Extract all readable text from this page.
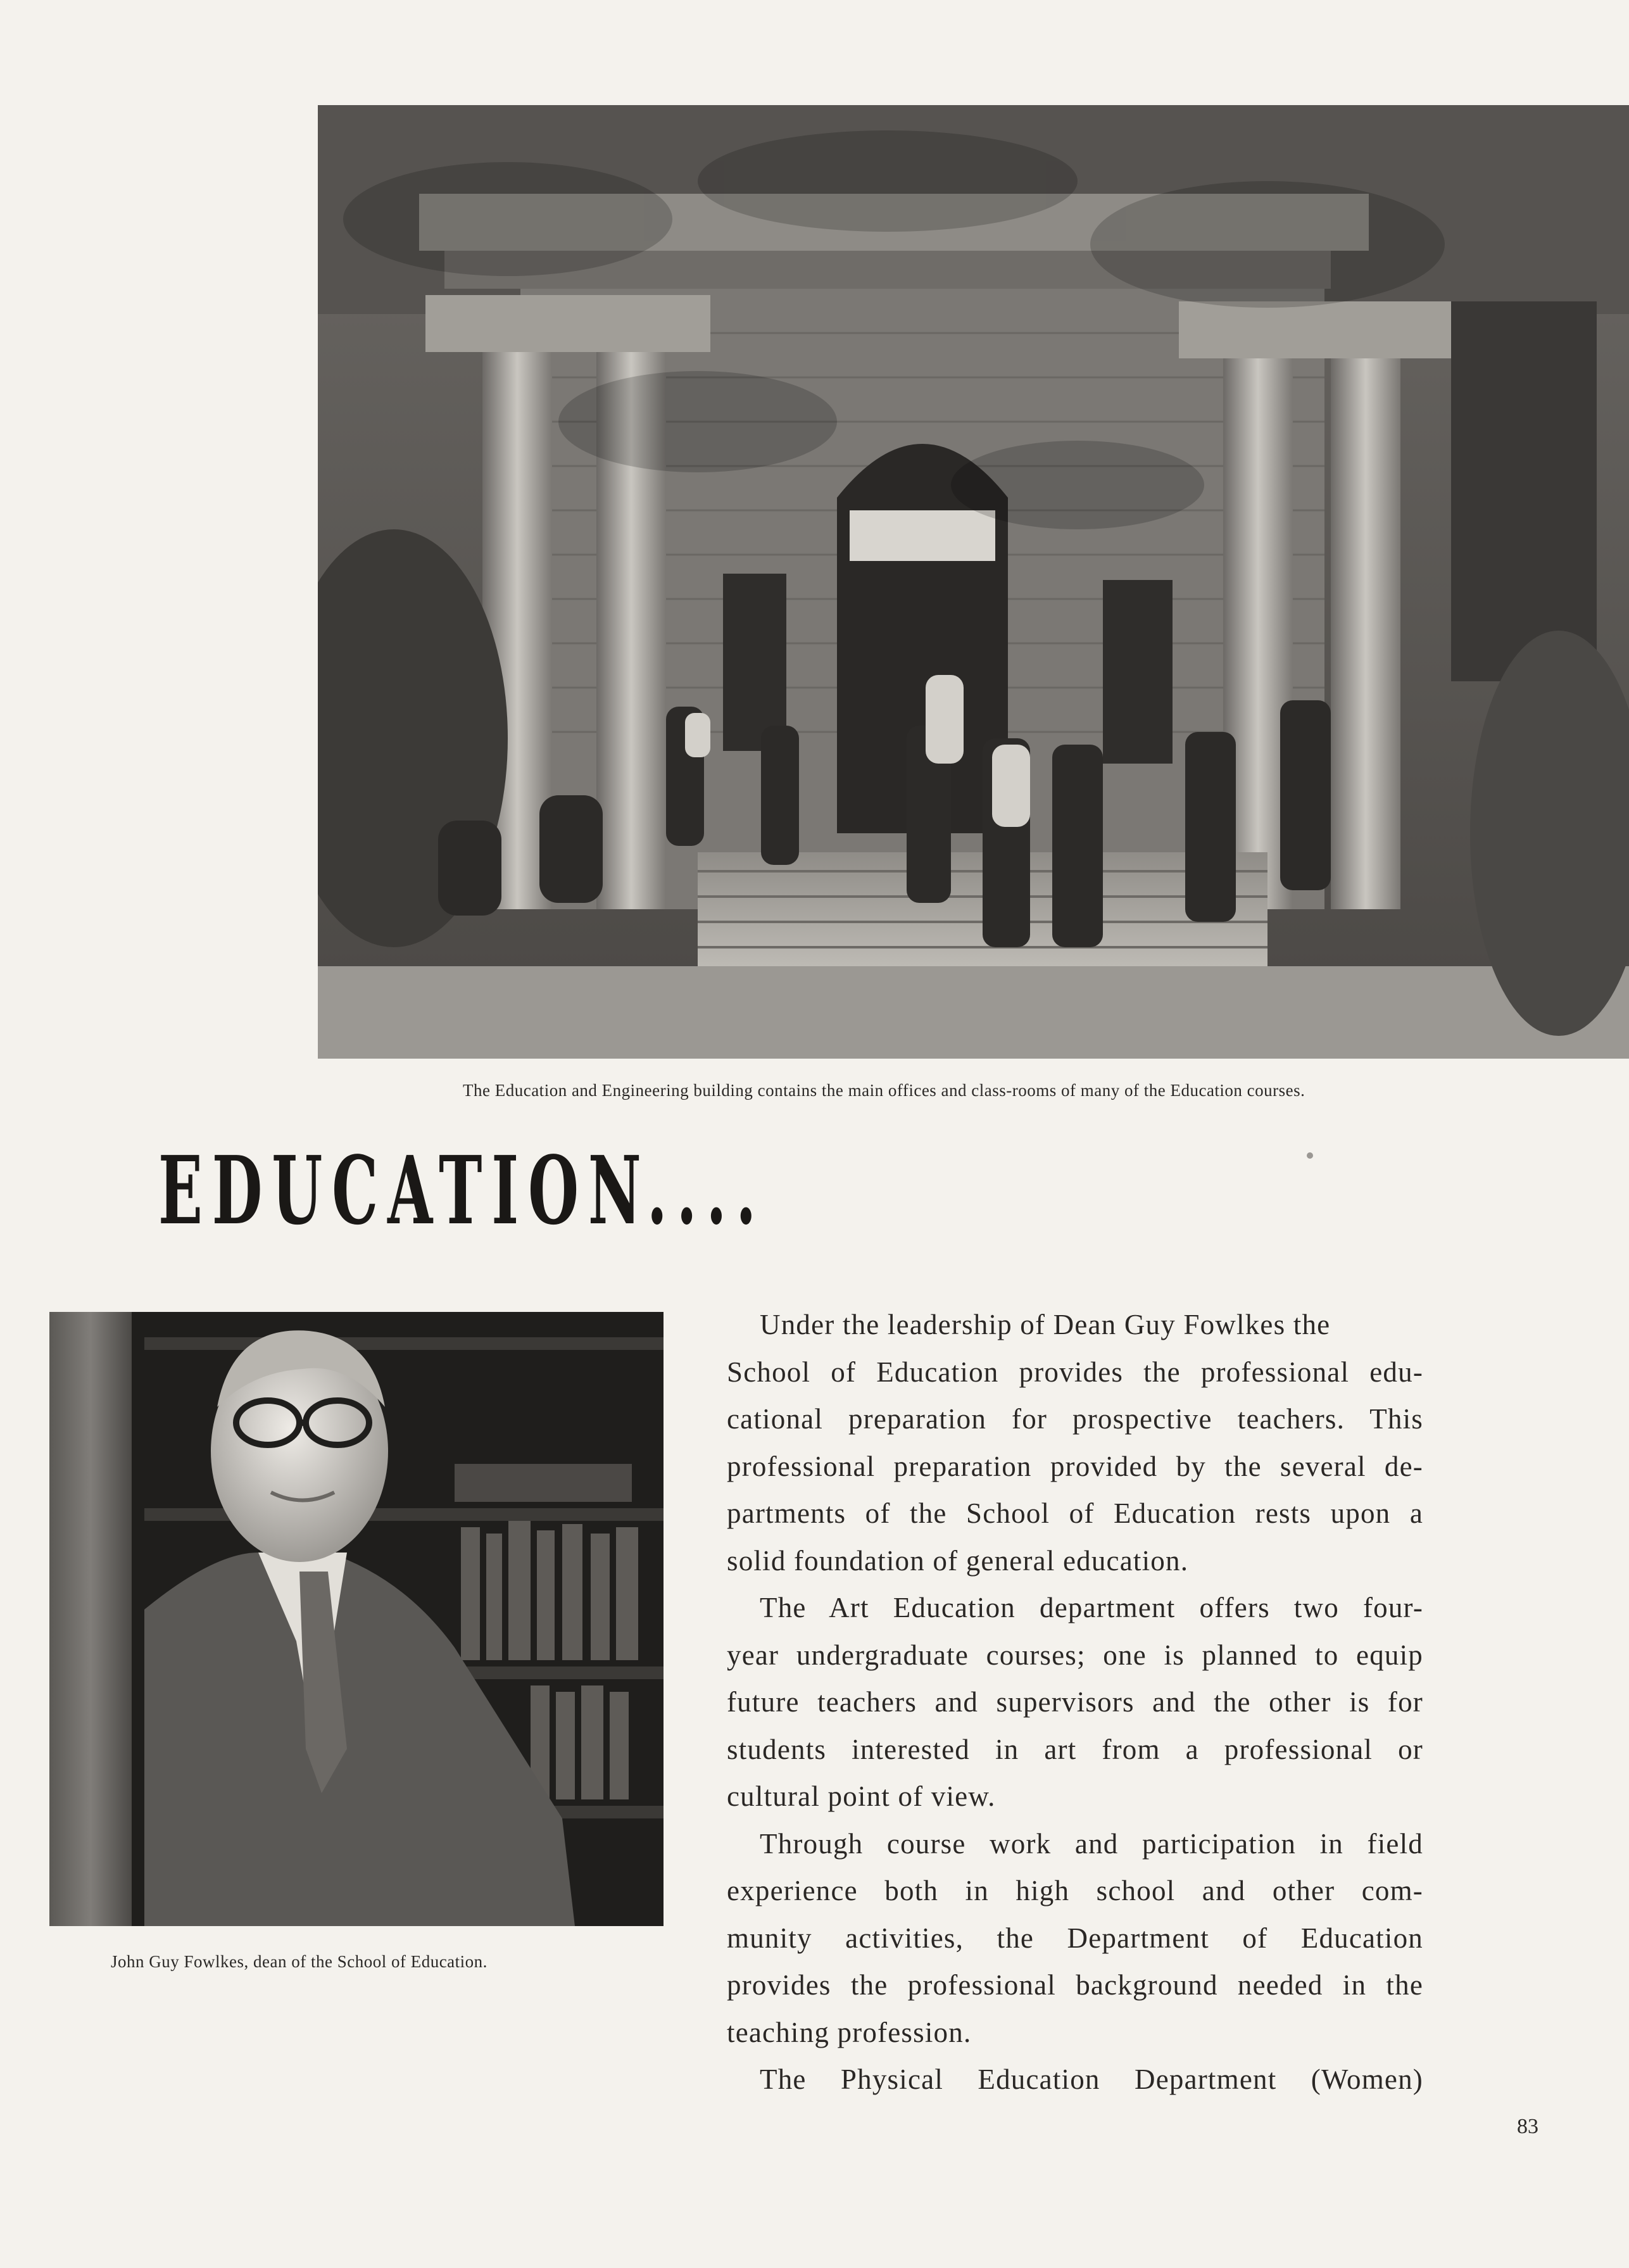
The Education and Engineering building contains the main offices and class-rooms of many of the Education courses.
EDUCATION....
John Guy Fowlkes, dean of the School of Education.
Under the leadership of Dean Guy Fowlkes the
School of Education provides the professional edu-
cational preparation for prospective teachers. This
professional preparation provided by the several de-
partments of the School of Education rests upon a
solid foundation of general education.
The Art Education department offers two four-
year undergraduate courses; one is planned to equip
future teachers and supervisors and the other is for
students interested in art from a professional or
cultural point of view.
Through course work and participation in field
experience both in high school and other com-
munity activities, the Department of Education
provides the professional background needed in the
teaching profession.
The Physical Education Department (Women)
83
